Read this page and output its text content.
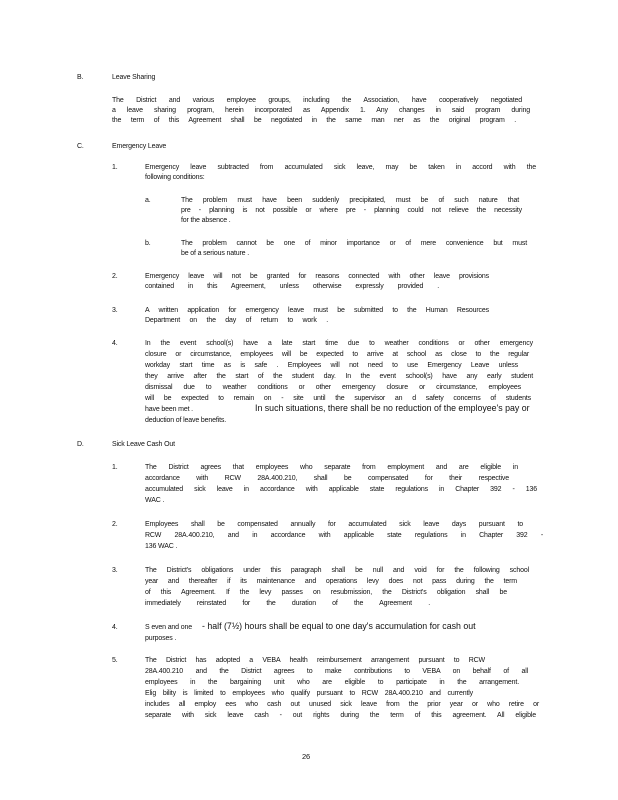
B.	Leave Sharing
The District and various employee groups, including the Association, have cooperatively negotiated
a leave sharing program, herein incorporated as Appendix 1. Any changes in said program during
the term of this Agreement shall be negotiated in the same man ner as the original program .
C.	Emergency Leave
1.	Emergency leave subtracted from accumulated sick leave, may be taken in accord with the
following conditions:
a.	The problem must have been suddenly precipitated, must be of such nature that
pre - planning is not possible or where pre - planning could not relieve the necessity
for the absence .
b.	The problem cannot be one of minor importance or of mere convenience but must
be of a serious nature .
2.	Emergency leave will not be granted for reasons connected with other leave provisions
contained in this Agreement, unless otherwise expressly provided .
3.	A written application for emergency leave must be submitted to the Human Resources
Department on the day of return to work .
4.	In the event school(s) have a late start time due to weather conditions or other emergency
closure or circumstance, employees will be expected to arrive at school as close to the regular
workday start time as is safe . Employees will not need to use Emergency Leave unless
they arrive after the start of the student day. In the event school(s) have any early student
dismissal due to weather conditions or other emergency closure or circumstance, employees
will be expected to remain on - site until the supervisor an d safety concerns of students
have been met .	In such situations, there shall be no reduction of the employee's pay or
deduction of leave benefits.
D.	Sick Leave Cash Out
1.	The District agrees that employees who separate from employment and are eligible in
accordance with RCW 28A.400.210, shall be compensated for their respective
accumulated sick leave in accordance with applicable state regulations in Chapter 392 - 136
WAC .
2.	Employees shall be compensated annually for accumulated sick leave days pursuant to
RCW 28A.400.210, and in accordance with applicable state regulations in Chapter 392 -
136 WAC .
3.	The District's obligations under this paragraph shall be null and void for the following school
year and thereafter if its maintenance and operations levy does not pass during the term
of this Agreement. If the levy passes on resubmission, the District's obligation shall be
immediately reinstated for the duration of the Agreement .
4.	S even and one - half (7½) hours shall be equal to one day's accumulation for cash out
purposes .
5.	The District has adopted a VEBA health reimbursement arrangement pursuant to RCW
28A.400.210 and the District agrees to make contributions to VEBA on behalf of all
employees in the bargaining unit who are eligible to participate in the arrangement.
Elig bility is limited to employees who qualify pursuant to RCW 28A.400.210 and currently
includes all employ ees who cash out unused sick leave from the prior year or who retire or
separate with sick leave cash - out rights during the term of this agreement. All eligible
26
